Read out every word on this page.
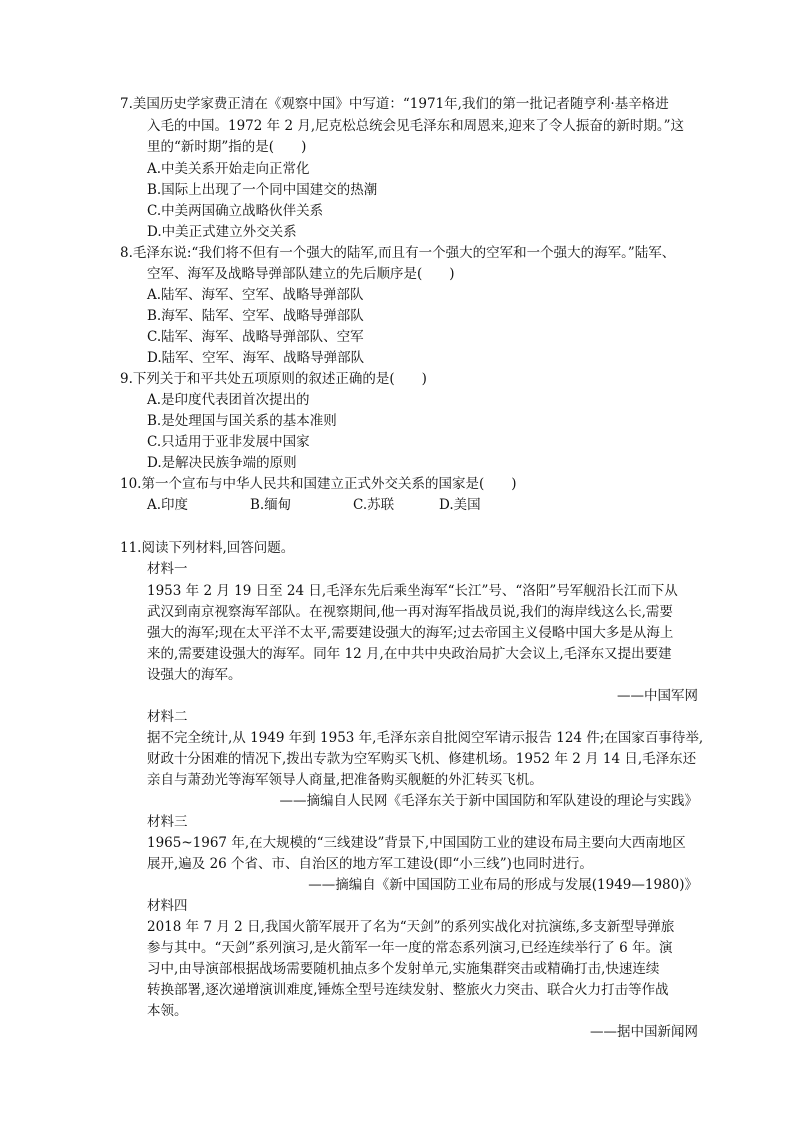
7.美国历史学家费正清在《观察中国》中写道：“1971年,我们的第一批记者随亨利·基辛格进
入毛的中国。1972 年 2 月,尼克松总统会见毛泽东和周恩来,迎来了令人振奋的新时期。”这
里的“新时期”指的是(　　)
A.中美关系开始走向正常化
B.国际上出现了一个同中国建交的热潮
C.中美两国确立战略伙伴关系
D.中美正式建立外交关系
8.毛泽东说:“我们将不但有一个强大的陆军,而且有一个强大的空军和一个强大的海军。”陆军、
空军、海军及战略导弹部队建立的先后顺序是(　　)
A.陆军、海军、空军、战略导弹部队
B.海军、陆军、空军、战略导弹部队
C.陆军、海军、战略导弹部队、空军
D.陆军、空军、海军、战略导弹部队
9.下列关于和平共处五项原则的叙述正确的是(　　)
A.是印度代表团首次提出的
B.是处理国与国关系的基本准则
C.只适用于亚非发展中国家
D.是解决民族争端的原则
10.第一个宣布与中华人民共和国建立正式外交关系的国家是(　　)
A.印度	B.缅甸	C.苏联	D.美国
11.阅读下列材料,回答问题。
材料一
1953 年 2 月 19 日至 24 日,毛泽东先后乘坐海军“长江”号、“洛阳”号军舰沿长江而下从
武汉到南京视察海军部队。在视察期间,他一再对海军指战员说,我们的海岸线这么长,需要
强大的海军;现在太平洋不太平,需要建设强大的海军;过去帝国主义侵略中国大多是从海上
来的,需要建设强大的海军。同年 12 月,在中共中央政治局扩大会议上,毛泽东又提出要建
设强大的海军。
——中国军网
材料二
据不完全统计,从 1949 年到 1953 年,毛泽东亲自批阅空军请示报告 124 件;在国家百事待举,
财政十分困难的情况下,拨出专款为空军购买飞机、修建机场。1952 年 2 月 14 日,毛泽东还
亲自与萧劲光等海军领导人商量,把准备购买舰艇的外汇转买飞机。
——摘编自人民网《毛泽东关于新中国国防和军队建设的理论与实践》
材料三
1965~1967 年,在大规模的“三线建设”背景下,中国国防工业的建设布局主要向大西南地区
展开,遍及 26 个省、市、自治区的地方军工建设(即“小三线”)也同时进行。
——摘编自《新中国国防工业布局的形成与发展(1949—1980)》
材料四
2018 年 7 月 2 日,我国火箭军展开了名为“天剑”的系列实战化对抗演练,多支新型导弹旅
参与其中。“天剑”系列演习,是火箭军一年一度的常态系列演习,已经连续举行了 6 年。演
习中,由导演部根据战场需要随机抽点多个发射单元,实施集群突击或精确打击,快速连续
转换部署,逐次递增演训难度,锤炼全型号连续发射、整旅火力突击、联合火力打击等作战
本领。
——据中国新闻网
